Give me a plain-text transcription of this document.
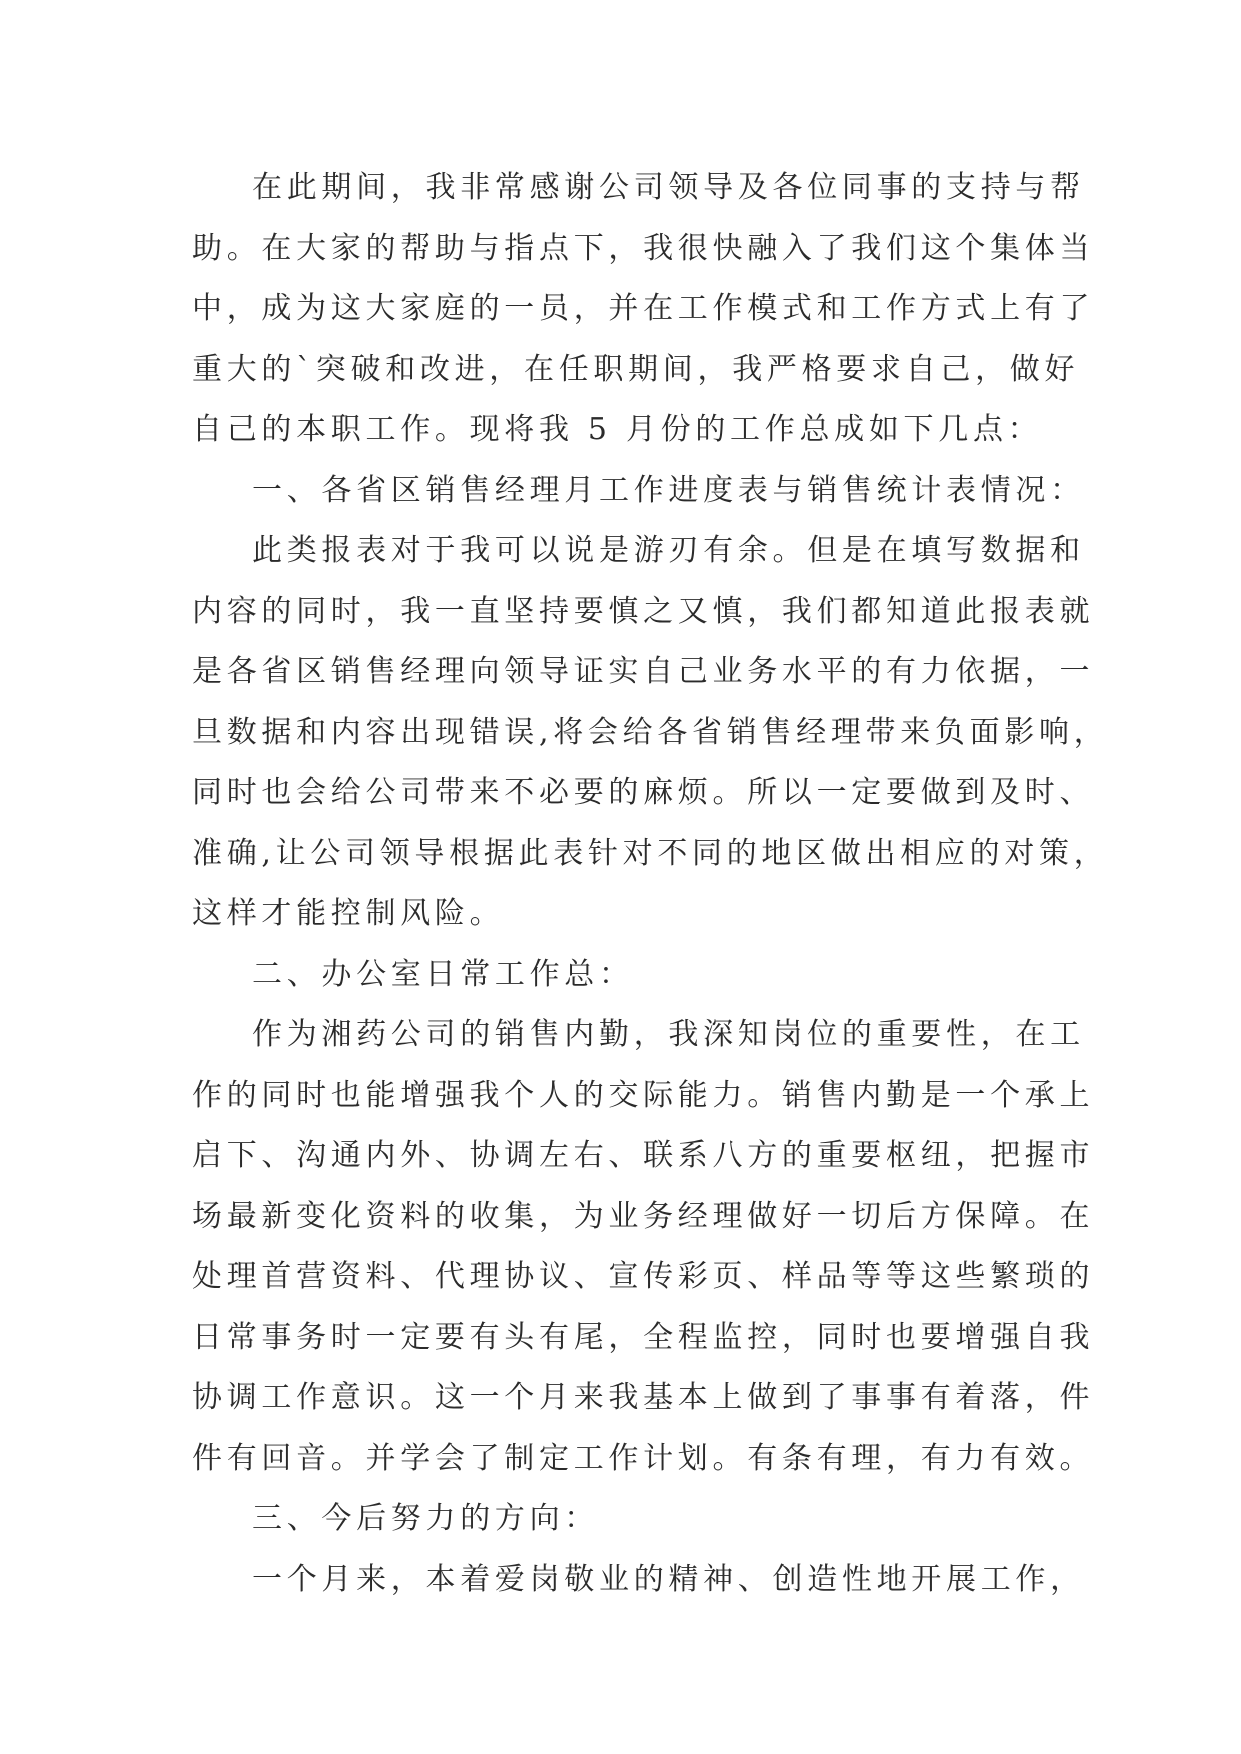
在此期间，我非常感谢公司领导及各位同事的支持与帮
助。在大家的帮助与指点下，我很快融入了我们这个集体当
中，成为这大家庭的一员，并在工作模式和工作方式上有了
重大的`突破和改进，在任职期间，我严格要求自己，做好
自己的本职工作。现将我 5 月份的工作总成如下几点：
一、各省区销售经理月工作进度表与销售统计表情况：
此类报表对于我可以说是游刃有余。但是在填写数据和
内容的同时，我一直坚持要慎之又慎，我们都知道此报表就
是各省区销售经理向领导证实自己业务水平的有力依据，一
旦数据和内容出现错误,将会给各省销售经理带来负面影响，
同时也会给公司带来不必要的麻烦。所以一定要做到及时、
准确,让公司领导根据此表针对不同的地区做出相应的对策，
这样才能控制风险。
二、办公室日常工作总：
作为湘药公司的销售内勤，我深知岗位的重要性，在工
作的同时也能增强我个人的交际能力。销售内勤是一个承上
启下、沟通内外、协调左右、联系八方的重要枢纽，把握市
场最新变化资料的收集，为业务经理做好一切后方保障。在
处理首营资料、代理协议、宣传彩页、样品等等这些繁琐的
日常事务时一定要有头有尾，全程监控，同时也要增强自我
协调工作意识。这一个月来我基本上做到了事事有着落，件
件有回音。并学会了制定工作计划。有条有理，有力有效。
三、今后努力的方向：
一个月来，本着爱岗敬业的精神、创造性地开展工作，
